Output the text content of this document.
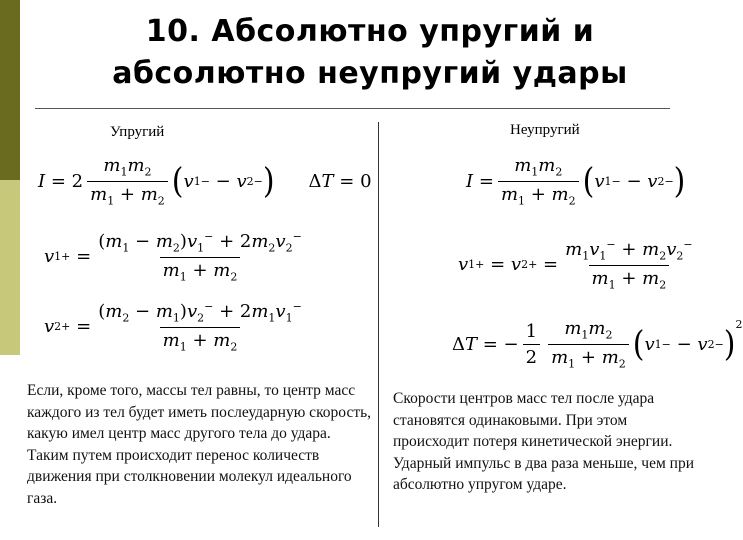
10. Абсолютно упругий и
абсолютно неупругий удары
Упругий	Неупругий
$I = 2 \frac{m_1m_2}{m_1 + m_2}$ ( v 1 − − v 2 − ) ΔT = 0
v 1 + = $\frac{(m_1 - m_2)v_1^- + 2m_2v_2^-}{m_1 + m_2}$
v 2 + = $\frac{(m_2 - m_1)v_2^- + 2m_1v_1^-}{m_1 + m_2}$
$I = \frac{m_1m_2}{m_1 + m_2}$ ( v 1 − − v 2 − )
v 1 + = v 2 + = $\frac{m_1v_1^- + m_2v_2^-}{m_1 + m_2}$
Δ T = − $\frac{1}{2} \frac{m_1m_2}{m_1 + m_2}$ ( v 1 − − v 2 − )$^2$
Если, кроме того, массы тел равны, то центр масс каждого из тел будет иметь послеударную скорость, какую имел центр масс другого тела до удара. Таким путем происходит перенос количеств движения при столкновении молекул идеального газа.
Скорости центров масс тел после удара становятся одинаковыми. При этом происходит потеря кинетической энергии. Ударный импульс в два раза меньше, чем при абсолютно упругом ударе.
